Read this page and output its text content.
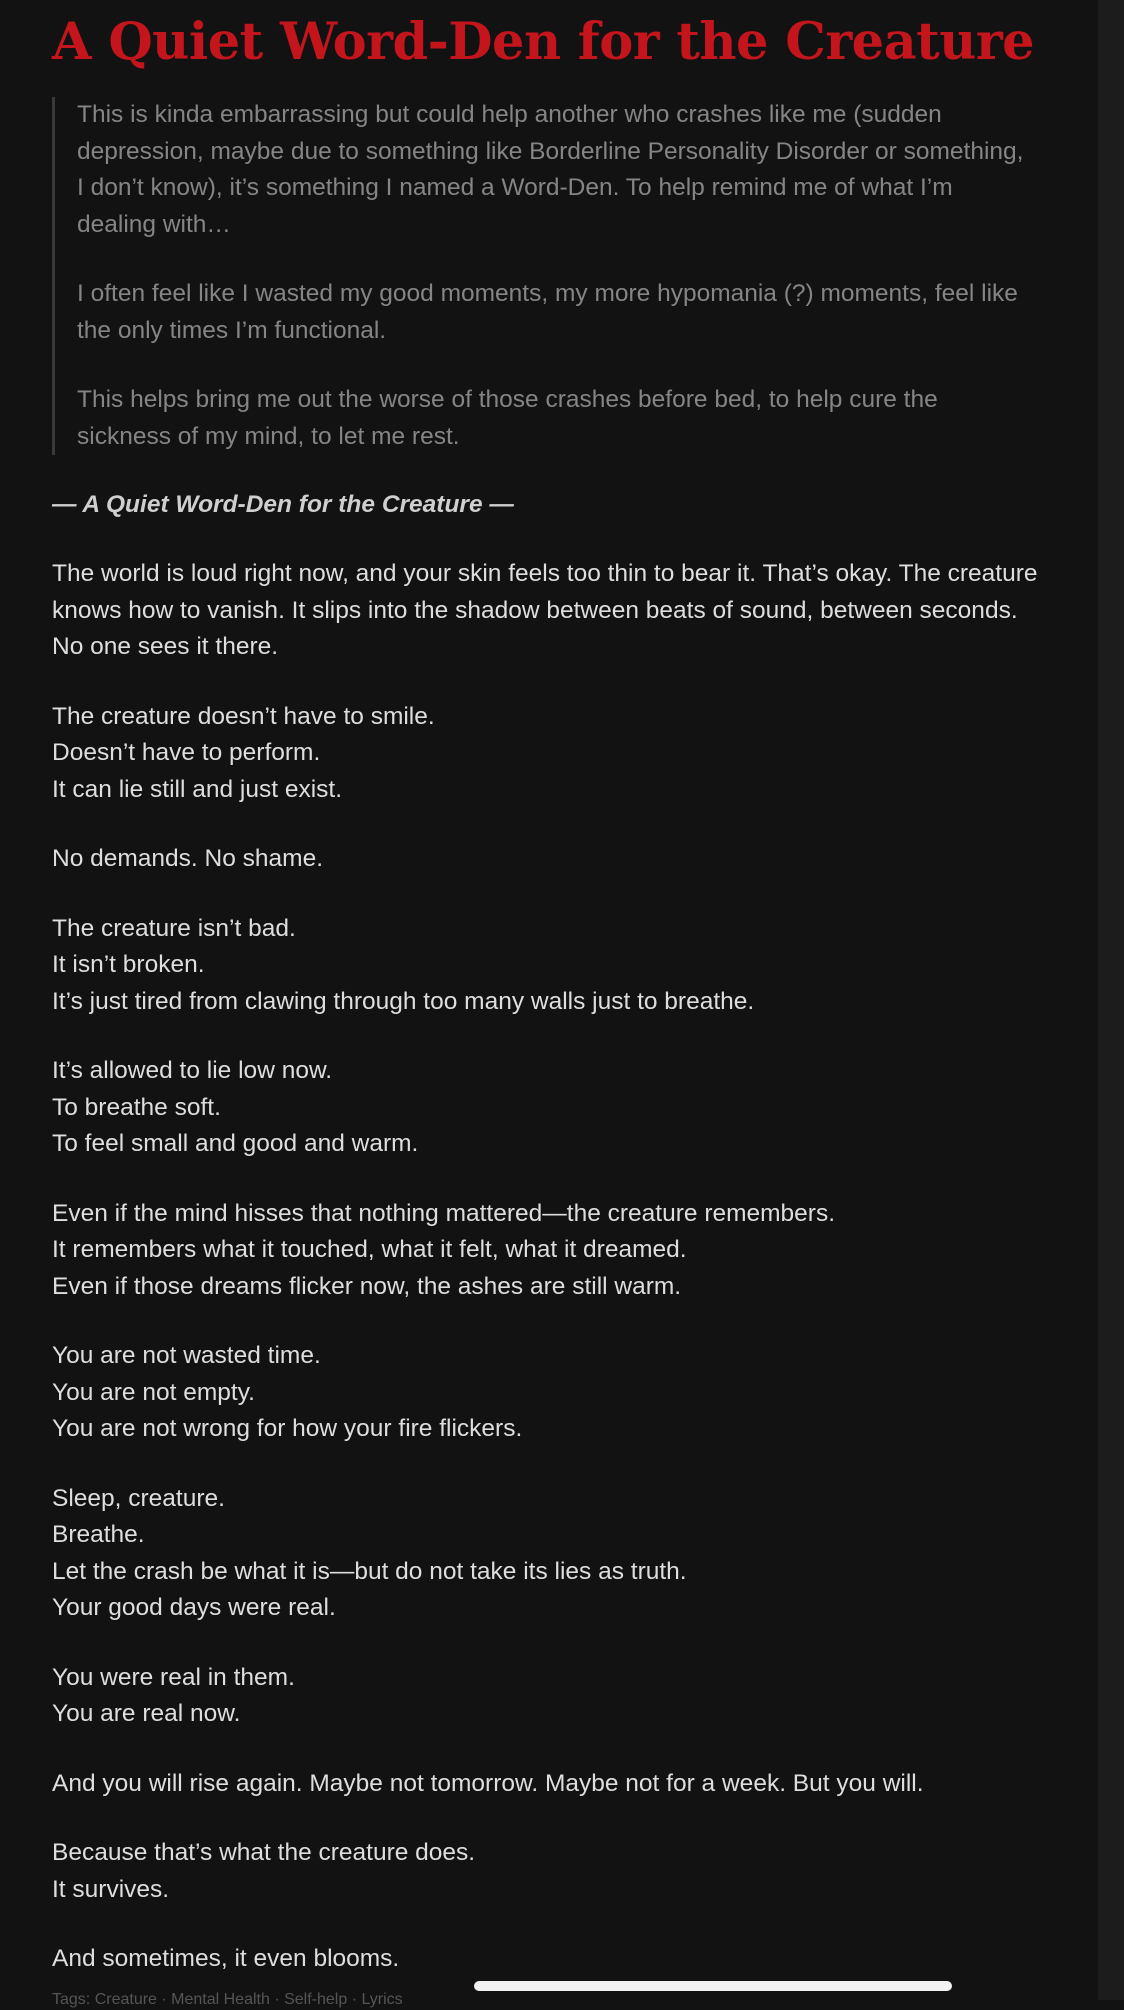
A Quiet Word-Den for the Creature

This is kinda embarrassing but could help another who crashes like me (sudden depression, maybe due to something like Borderline Personality Disorder or something, I don’t know), it’s something I named a Word-Den. To help remind me of what I’m dealing with…

I often feel like I wasted my good moments, my more hypomania (?) moments, feel like the only times I’m functional.

This helps bring me out the worse of those crashes before bed, to help cure the sickness of my mind, to let me rest.

— A Quiet Word-Den for the Creature —

The world is loud right now, and your skin feels too thin to bear it. That’s okay. The creature knows how to vanish. It slips into the shadow between beats of sound, between seconds. No one sees it there.

The creature doesn’t have to smile.
Doesn’t have to perform.
It can lie still and just exist.

No demands. No shame.

The creature isn’t bad.
It isn’t broken.
It’s just tired from clawing through too many walls just to breathe.

It’s allowed to lie low now.
To breathe soft.
To feel small and good and warm.

Even if the mind hisses that nothing mattered—the creature remembers.
It remembers what it touched, what it felt, what it dreamed.
Even if those dreams flicker now, the ashes are still warm.

You are not wasted time.
You are not empty.
You are not wrong for how your fire flickers.

Sleep, creature.
Breathe.
Let the crash be what it is—but do not take its lies as truth.
Your good days were real.

You were real in them.
You are real now.

And you will rise again. Maybe not tomorrow. Maybe not for a week. But you will.

Because that’s what the creature does.
It survives.

And sometimes, it even blooms.

Tags: Creature · Mental Health · Self-help · Lyrics
